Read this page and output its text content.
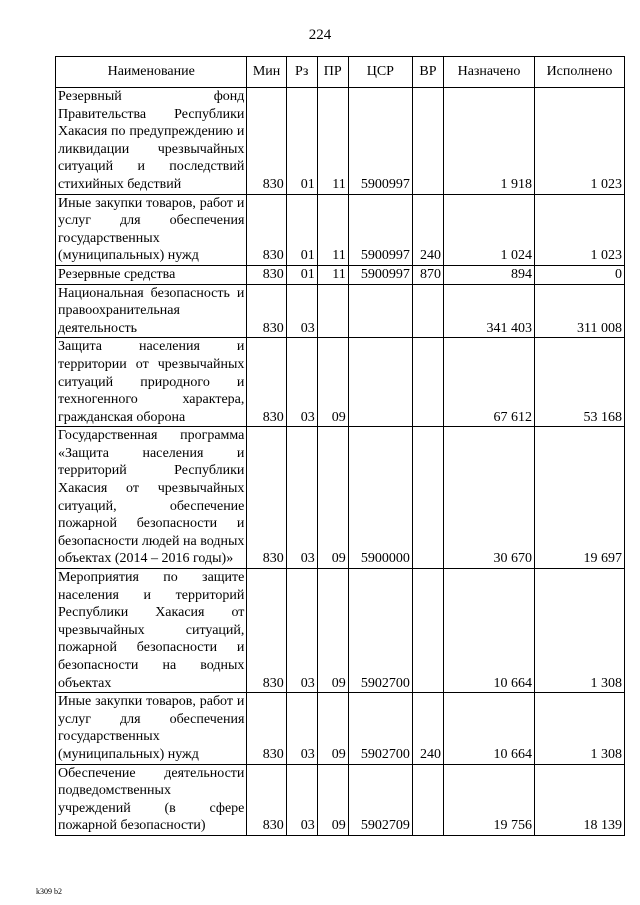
224
Наименование	Мин	Рз	ПР	ЦСР	ВР	Назначено	Исполнено
Резервный фонд Правительства Республики Хакасия по предупреждению и ликвидации чрезвычайных ситуаций и последствий стихийных бедствий	830	01	11	5900997		1 918	1 023
Иные закупки товаров, работ и услуг для обеспечения государственных (муниципальных) нужд	830	01	11	5900997	240	1 024	1 023
Резервные средства	830	01	11	5900997	870	894	0
Национальная безопасность и правоохранительная деятельность	830	03				341 403	311 008
Защита населения и территории от чрезвычайных ситуаций природного и техногенного характера, гражданская оборона	830	03	09			67 612	53 168
Государственная программа «Защита населения и территорий Республики Хакасия от чрезвычайных ситуаций, обеспечение пожарной безопасности и безопасности людей на водных объектах (2014 – 2016 годы)»	830	03	09	5900000		30 670	19 697
Мероприятия по защите населения и территорий Республики Хакасия от чрезвычайных ситуаций, пожарной безопасности и безопасности на водных объектах	830	03	09	5902700		10 664	1 308
Иные закупки товаров, работ и услуг для обеспечения государственных (муниципальных) нужд	830	03	09	5902700	240	10 664	1 308
Обеспечение деятельности подведомственных учреждений (в сфере пожарной безопасности)	830	03	09	5902709		19 756	18 139
k309 b2
